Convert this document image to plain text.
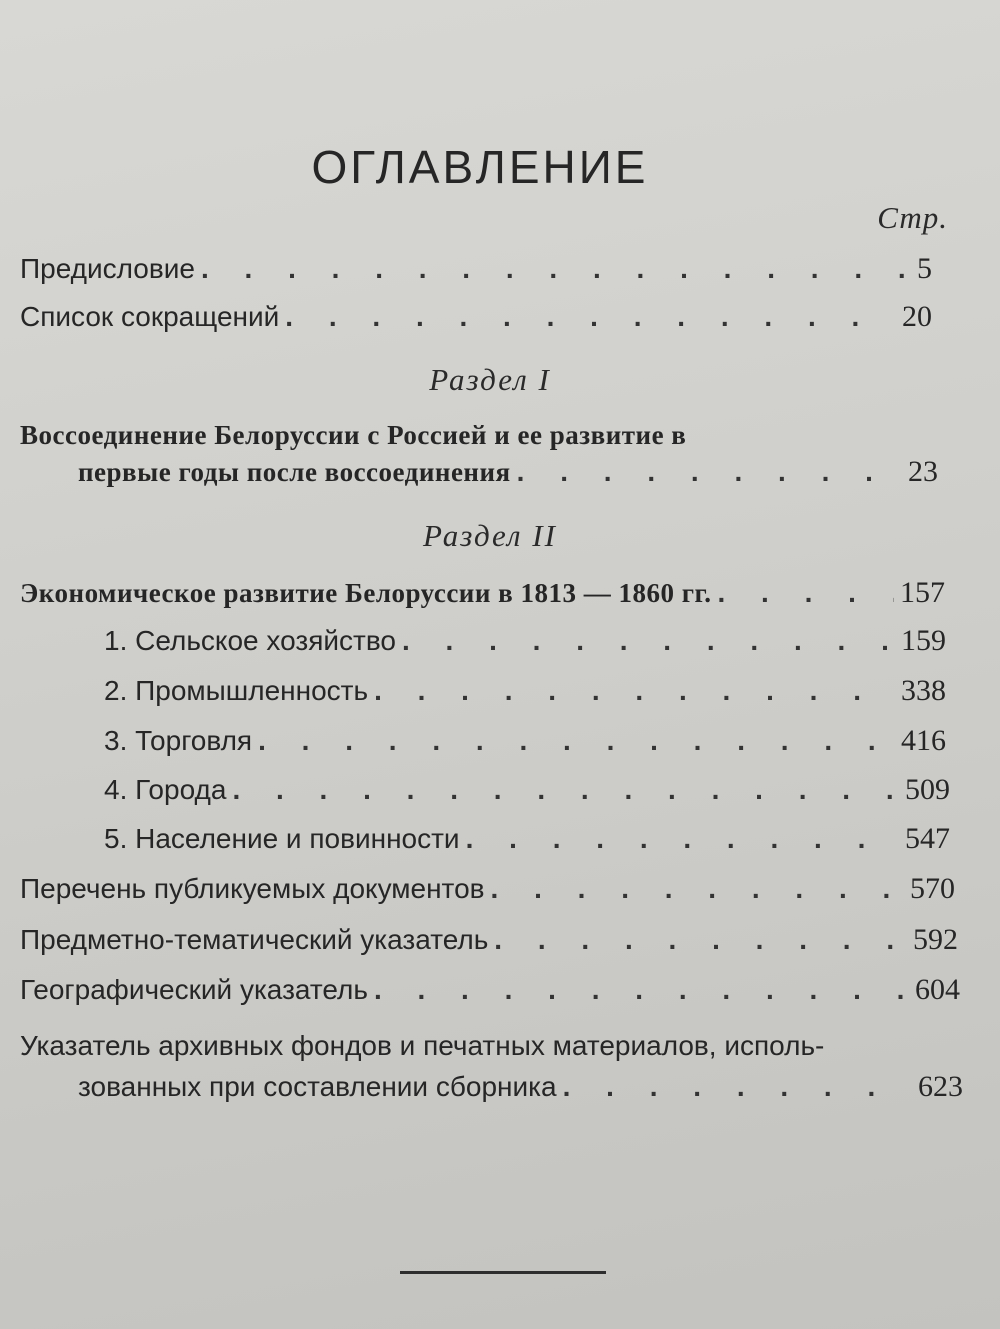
ОГЛАВЛЕНИЕ
Стр.
Предисловие . . .	5
Список сокращений . . .	20
Раздел I
Воссоединение Белоруссии с Россией и ее развитие в
первые годы после воссоединения . . .	23
Раздел II
Экономическое развитие Белоруссии в 1813 — 1860 гг. . . .	157
1. Сельское хозяйство . . .	159
2. Промышленность . . .	338
3. Торговля . . .	416
4. Города . . .	509
5. Население и повинности . . .	547
Перечень публикуемых документов . . .	570
Предметно-тематический указатель . . .	592
Географический указатель . . .	604
Указатель архивных фондов и печатных материалов, исполь-
зованных при составлении сборника . . .	623
